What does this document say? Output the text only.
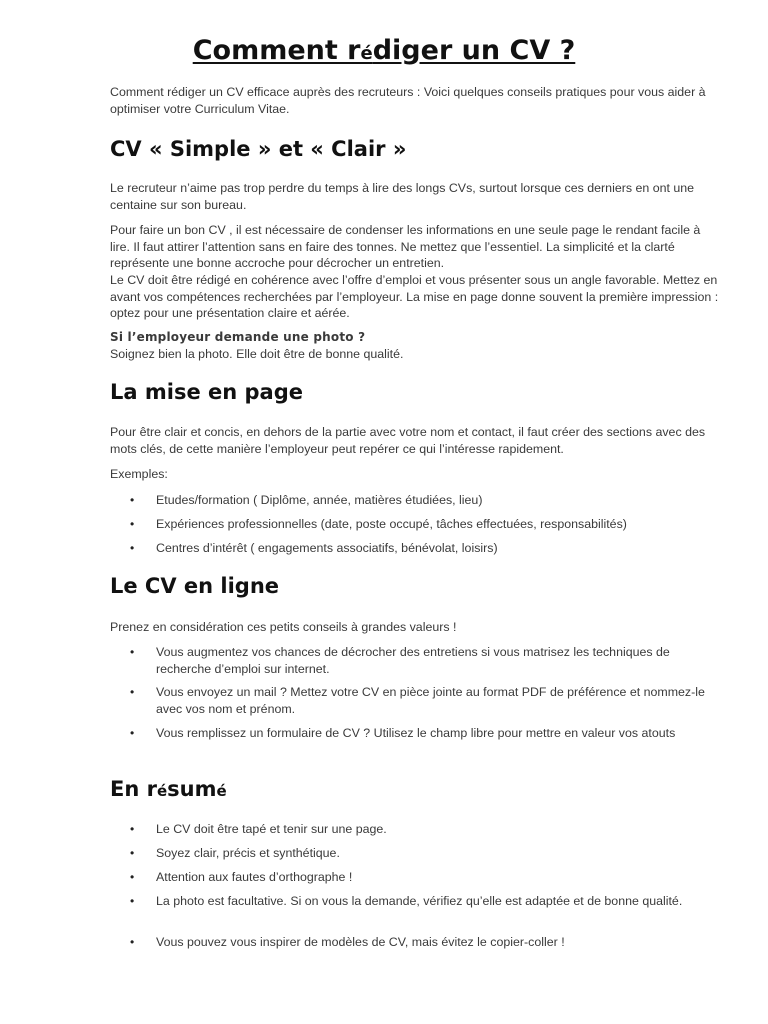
Comment rédiger un CV ?

Comment rédiger un CV efficace auprès des recruteurs : Voici quelques conseils pratiques pour vous aider à optimiser votre Curriculum Vitae.

CV « Simple » et « Clair »

Le recruteur n’aime pas trop perdre du temps à lire des longs CVs, surtout lorsque ces derniers en ont une centaine sur son bureau.

Pour faire un bon CV , il est nécessaire de condenser les informations en une seule page le rendant facile à lire. Il faut attirer l’attention sans en faire des tonnes. Ne mettez que l’essentiel. La simplicité et la clarté représente une bonne accroche pour décrocher un entretien.

Le CV doit être rédigé en cohérence avec l’offre d’emploi et vous présenter sous un angle favorable. Mettez en avant vos compétences recherchées par l’employeur. La mise en page donne souvent la première impression : optez pour une présentation claire et aérée.

Si l’employeur demande une photo ?

Soignez bien la photo. Elle doit être de bonne qualité.

La mise en page

Pour être clair et concis, en dehors de la partie avec votre nom et contact, il faut créer des sections avec des mots clés, de cette manière l’employeur peut repérer ce qui l’intéresse rapidement.

Exemples:

• Etudes/formation ( Diplôme, année, matières étudiées, lieu)
• Expériences professionnelles (date, poste occupé, tâches effectuées, responsabilités)
• Centres d’intérêt ( engagements associatifs, bénévolat, loisirs)
Le CV en ligne

Prenez en considération ces petits conseils à grandes valeurs !

• Vous augmentez vos chances de décrocher des entretiens si vous matrisez les techniques de recherche d’emploi sur internet.
• Vous envoyez un mail ? Mettez votre CV en pièce jointe au format PDF de préférence et nommez-le avec vos nom et prénom.
• Vous remplissez un formulaire de CV ? Utilisez le champ libre pour mettre en valeur vos atouts
En résumé
• Le CV doit être tapé et tenir sur une page.
• Soyez clair, précis et synthétique.
• Attention aux fautes d’orthographe !
• La photo est facultative. Si on vous la demande, vérifiez qu’elle est adaptée et de bonne qualité.
• Vous pouvez vous inspirer de modèles de CV, mais évitez le copier-coller !
